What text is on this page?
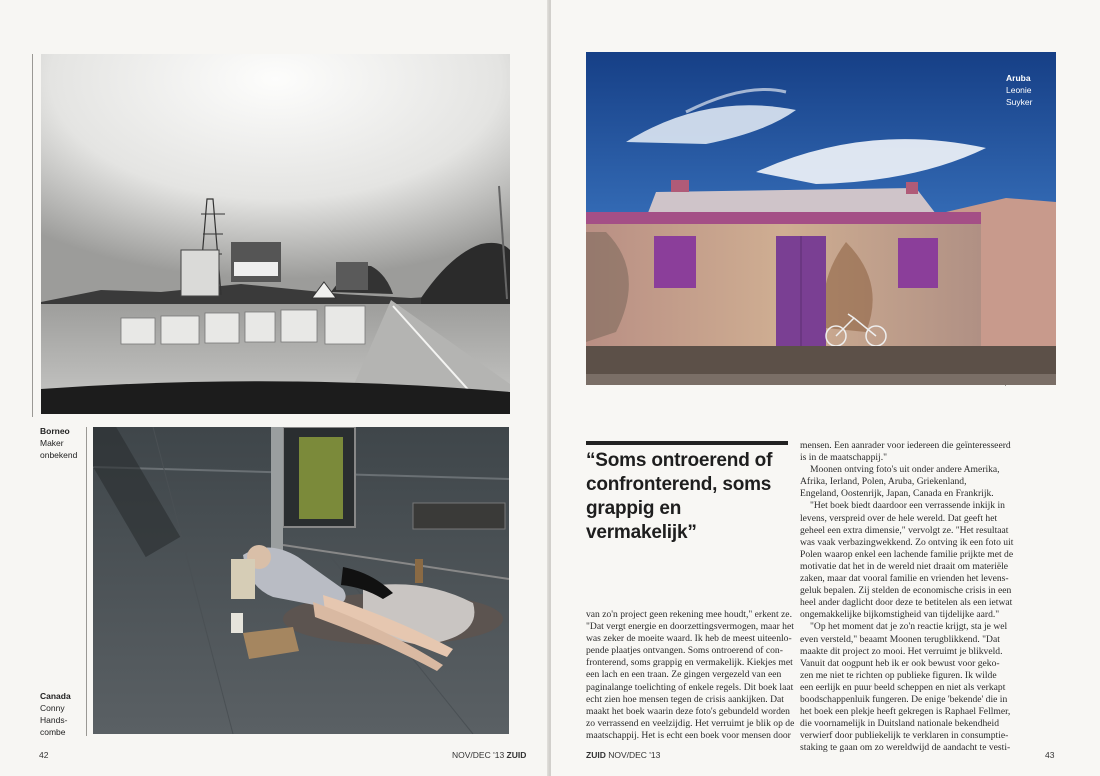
Borneo
Maker
onbekend
Canada
Conny
Hands-
combe
42	NOV/DEC '13 ZUID
Aruba
Leonie
Suyker
ZUID NOV/DEC '13	43
“Soms ontroerend of confronterend, soms grappig en vermakelijk”
van zo'n project geen rekening mee houdt," erkent ze.
"Dat vergt energie en doorzettingsvermogen, maar het
was zeker de moeite waard. Ik heb de meest uiteenlo-
pende plaatjes ontvangen. Soms ontroerend of con-
fronterend, soms grappig en vermakelijk. Kiekjes met
een lach en een traan. Ze gingen vergezeld van een
paginalange toelichting of enkele regels. Dit boek laat
echt zien hoe mensen tegen de crisis aankijken. Dat
maakt het boek waarin deze foto's gebundeld worden
zo verrassend en veelzijdig. Het verruimt je blik op de
maatschappij. Het is echt een boek voor mensen door
mensen. Een aanrader voor iedereen die geïnteresseerd
is in de maatschappij."
Moonen ontving foto's uit onder andere Amerika,
Afrika, Ierland, Polen, Aruba, Griekenland,
Engeland, Oostenrijk, Japan, Canada en Frankrijk.
"Het boek biedt daardoor een verrassende inkijk in
levens, verspreid over de hele wereld. Dat geeft het
geheel een extra dimensie," vervolgt ze. "Het resultaat
was vaak verbazingwekkend. Zo ontving ik een foto uit
Polen waarop enkel een lachende familie prijkte met de
motivatie dat het in de wereld niet draait om materiële
zaken, maar dat vooral familie en vrienden het levens-
geluk bepalen. Zij stelden de economische crisis in een
heel ander daglicht door deze te betitelen als een ietwat
ongemakkelijke bijkomstigheid van tijdelijke aard."
"Op het moment dat je zo'n reactie krijgt, sta je wel
even versteld," beaamt Moonen terugblikkend. "Dat
maakte dit project zo mooi. Het verruimt je blikveld.
Vanuit dat oogpunt heb ik er ook bewust voor geko-
zen me niet te richten op publieke figuren. Ik wilde
een eerlijk en puur beeld scheppen en niet als verkapt
boodschappenluik fungeren. De enige 'bekende' die in
het boek een plekje heeft gekregen is Raphael Fellmer,
die voornamelijk in Duitsland nationale bekendheid
verwierf door publiekelijk te verklaren in consumptie-
staking te gaan om zo wereldwijd de aandacht te vesti-
